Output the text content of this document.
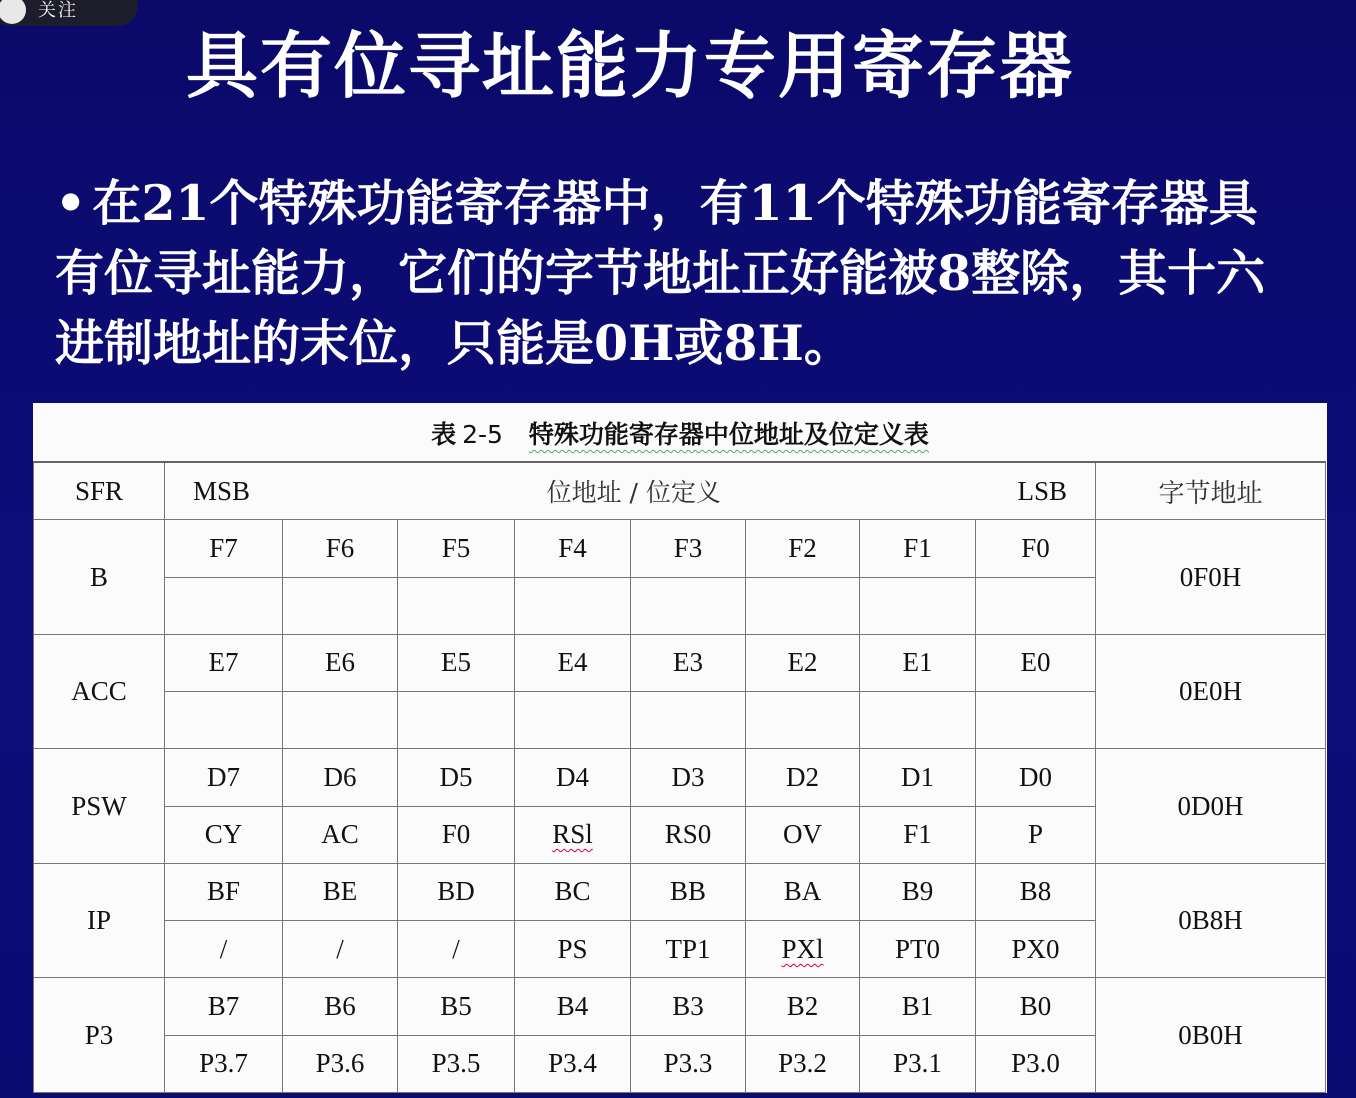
关注
具有位寻址能力专用寄存器
• 在21个特殊功能寄存器中，有11个特殊功能寄存器具有位寻址能力，它们的字节地址正好能被8整除，其十六进制地址的末位，只能是0H或8H。
表 2-5 特殊功能寄存器中位地址及位定义表
SFR	MSB 位地址 / 位定义 LSB								字节地址
B	F7	F6	F5	F4	F3	F2	F1	F0	0F0H

ACC	E7	E6	E5	E4	E3	E2	E1	E0	0E0H

PSW	D7	D6	D5	D4	D3	D2	D1	D0	0D0H
	CY	AC	F0	RSl	RS0	OV	F1	P	
IP	BF	BE	BD	BC	BB	BA	B9	B8	0B8H
	/	/	/	PS	TP1	PXl	PT0	PX0	
P3	B7	B6	B5	B4	B3	B2	B1	B0	0B0H
	P3.7	P3.6	P3.5	P3.4	P3.3	P3.2	P3.1	P3.0	
